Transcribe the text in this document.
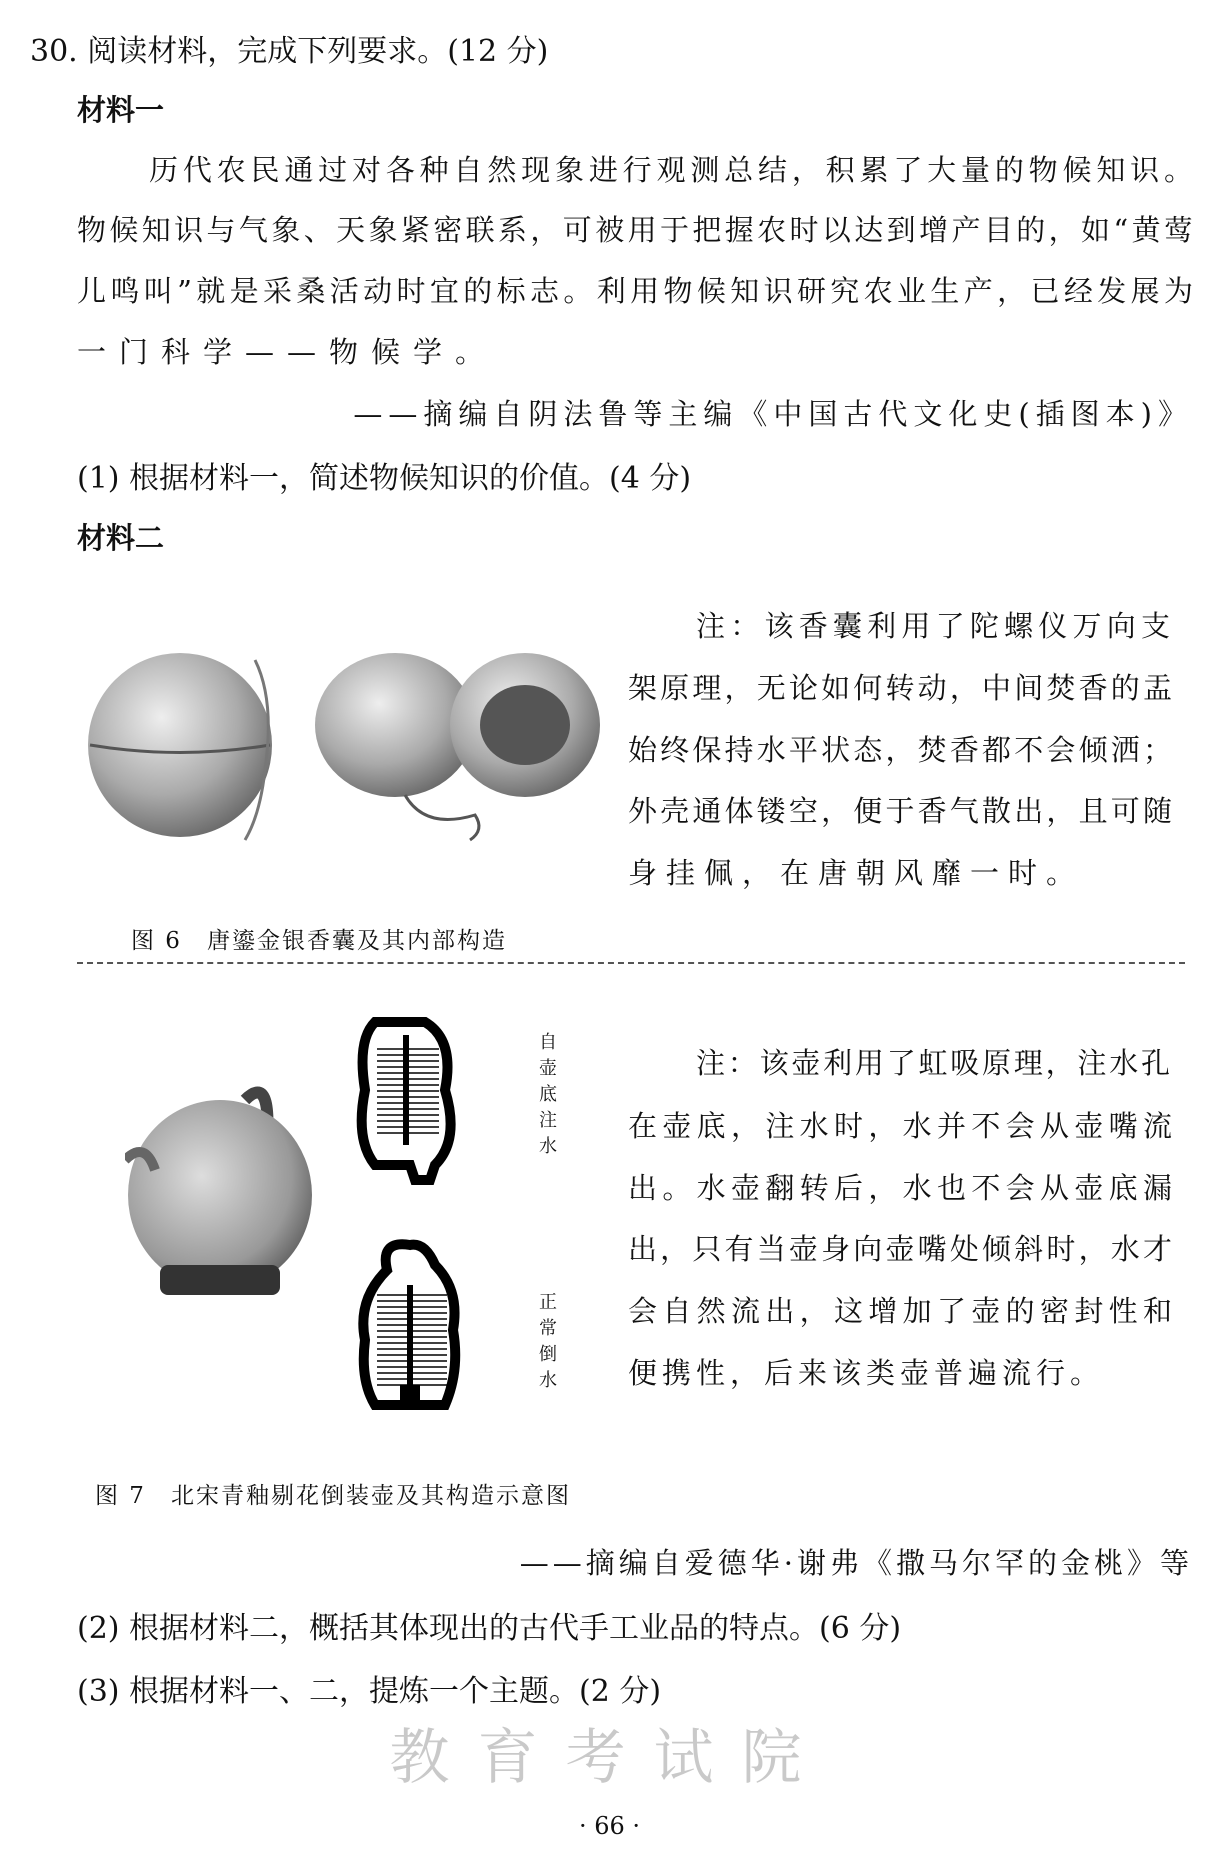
30. 阅读材料，完成下列要求。(12 分)
材料一
历代农民通过对各种自然现象进行观测总结，积累了大量的物候知识。
物候知识与气象、天象紧密联系，可被用于把握农时以达到增产目的，如“黄莺
儿鸣叫”就是采桑活动时宜的标志。利用物候知识研究农业生产，已经发展为
一门科学——物候学。
——摘编自阴法鲁等主编《中国古代文化史(插图本)》
(1) 根据材料一，简述物候知识的价值。(4 分)
材料二
注：该香囊利用了陀螺仪万向支
架原理，无论如何转动，中间焚香的盂
始终保持水平状态，焚香都不会倾洒；
外壳通体镂空，便于香气散出，且可随
身挂佩，在唐朝风靡一时。
图 6　唐鎏金银香囊及其内部构造
自壶底注水
正常倒水
注：该壶利用了虹吸原理，注水孔
在壶底，注水时，水并不会从壶嘴流
出。水壶翻转后，水也不会从壶底漏
出，只有当壶身向壶嘴处倾斜时，水才
会自然流出，这增加了壶的密封性和
便携性，后来该类壶普遍流行。
图 7　北宋青釉剔花倒装壶及其构造示意图
——摘编自爱德华·谢弗《撒马尔罕的金桃》等
(2) 根据材料二，概括其体现出的古代手工业品的特点。(6 分)
(3) 根据材料一、二，提炼一个主题。(2 分)
教育考试院
· 66 ·
